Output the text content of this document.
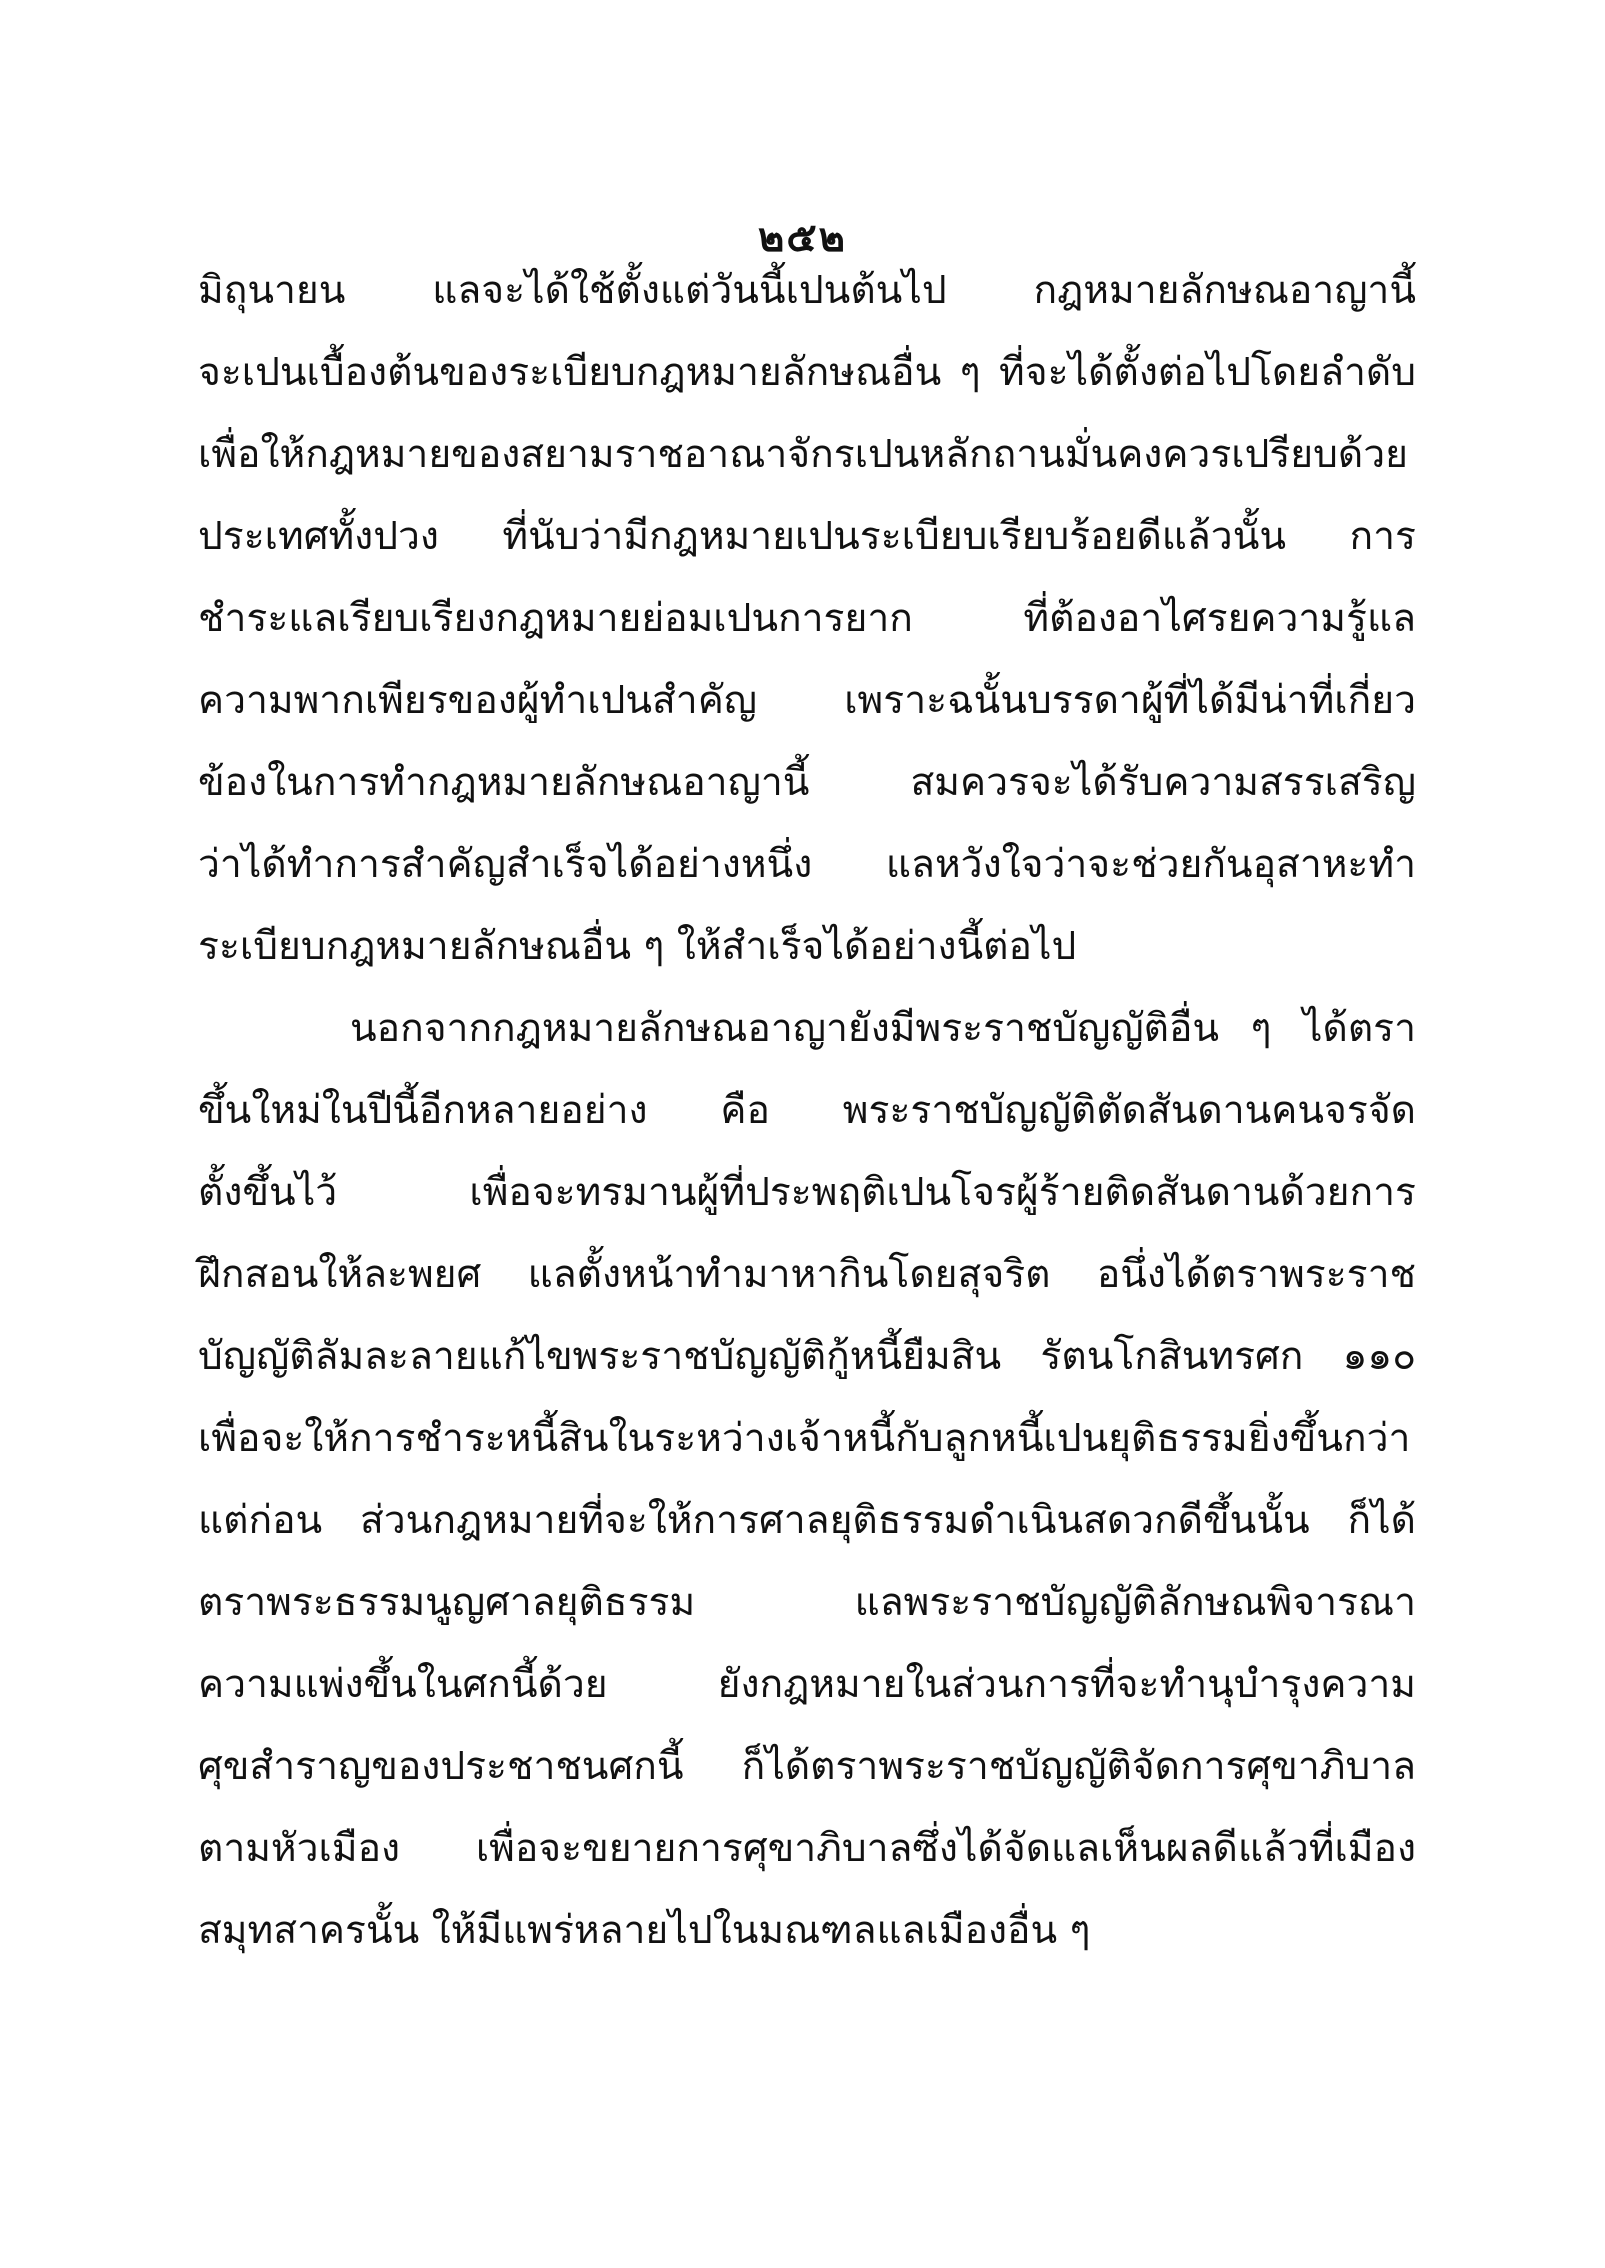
๒๕๒
มิถุนายน แลจะได้ใช้ตั้งแต่วันนี้เปนต้นไป กฎหมายลักษณอาญานี้
จะเปนเบื้องต้นของระเบียบกฎหมายลักษณอื่น ๆ ที่จะได้ตั้งต่อไปโดยลำดับ
เพื่อให้กฎหมายของสยามราชอาณาจักรเปนหลักถานมั่นคงควรเปรียบด้วย
ประเทศทั้งปวง ที่นับว่ามีกฎหมายเปนระเบียบเรียบร้อยดีแล้วนั้น การ
ชำระแลเรียบเรียงกฎหมายย่อมเปนการยาก ที่ต้องอาไศรยความรู้แล
ความพากเพียรของผู้ทำเปนสำคัญ เพราะฉนั้นบรรดาผู้ที่ได้มีน่าที่เกี่ยว
ข้องในการทำกฎหมายลักษณอาญานี้ สมควรจะได้รับความสรรเสริญ
ว่าได้ทำการสำคัญสำเร็จได้อย่างหนึ่ง แลหวังใจว่าจะช่วยกันอุสาหะทำ
ระเบียบกฎหมายลักษณอื่น ๆ ให้สำเร็จได้อย่างนี้ต่อไป
นอกจากกฎหมายลักษณอาญายังมีพระราชบัญญัติอื่น ๆ ได้ตรา
ขึ้นใหม่ในปีนี้อีกหลายอย่าง คือ พระราชบัญญัติตัดสันดานคนจรจัด
ตั้งขึ้นไว้ เพื่อจะทรมานผู้ที่ประพฤติเปนโจรผู้ร้ายติดสันดานด้วยการ
ฝึกสอนให้ละพยศ แลตั้งหน้าทำมาหากินโดยสุจริต อนึ่งได้ตราพระราช
บัญญัติลัมละลายแก้ไขพระราชบัญญัติกู้หนี้ยืมสิน รัตนโกสินทรศก ๑๑๐
เพื่อจะให้การชำระหนี้สินในระหว่างเจ้าหนี้กับลูกหนี้เปนยุติธรรมยิ่งขึ้นกว่า
แต่ก่อน ส่วนกฎหมายที่จะให้การศาลยุติธรรมดำเนินสดวกดีขึ้นนั้น ก็ได้
ตราพระธรรมนูญศาลยุติธรรม แลพระราชบัญญัติลักษณพิจารณา
ความแพ่งขึ้นในศกนี้ด้วย ยังกฎหมายในส่วนการที่จะทำนุบำรุงความ
ศุขสำราญของประชาชนศกนี้ ก็ได้ตราพระราชบัญญัติจัดการศุขาภิบาล
ตามหัวเมือง เพื่อจะขยายการศุขาภิบาลซึ่งได้จัดแลเห็นผลดีแล้วที่เมือง
สมุทสาครนั้น ให้มีแพร่หลายไปในมณฑลแลเมืองอื่น ๆ
